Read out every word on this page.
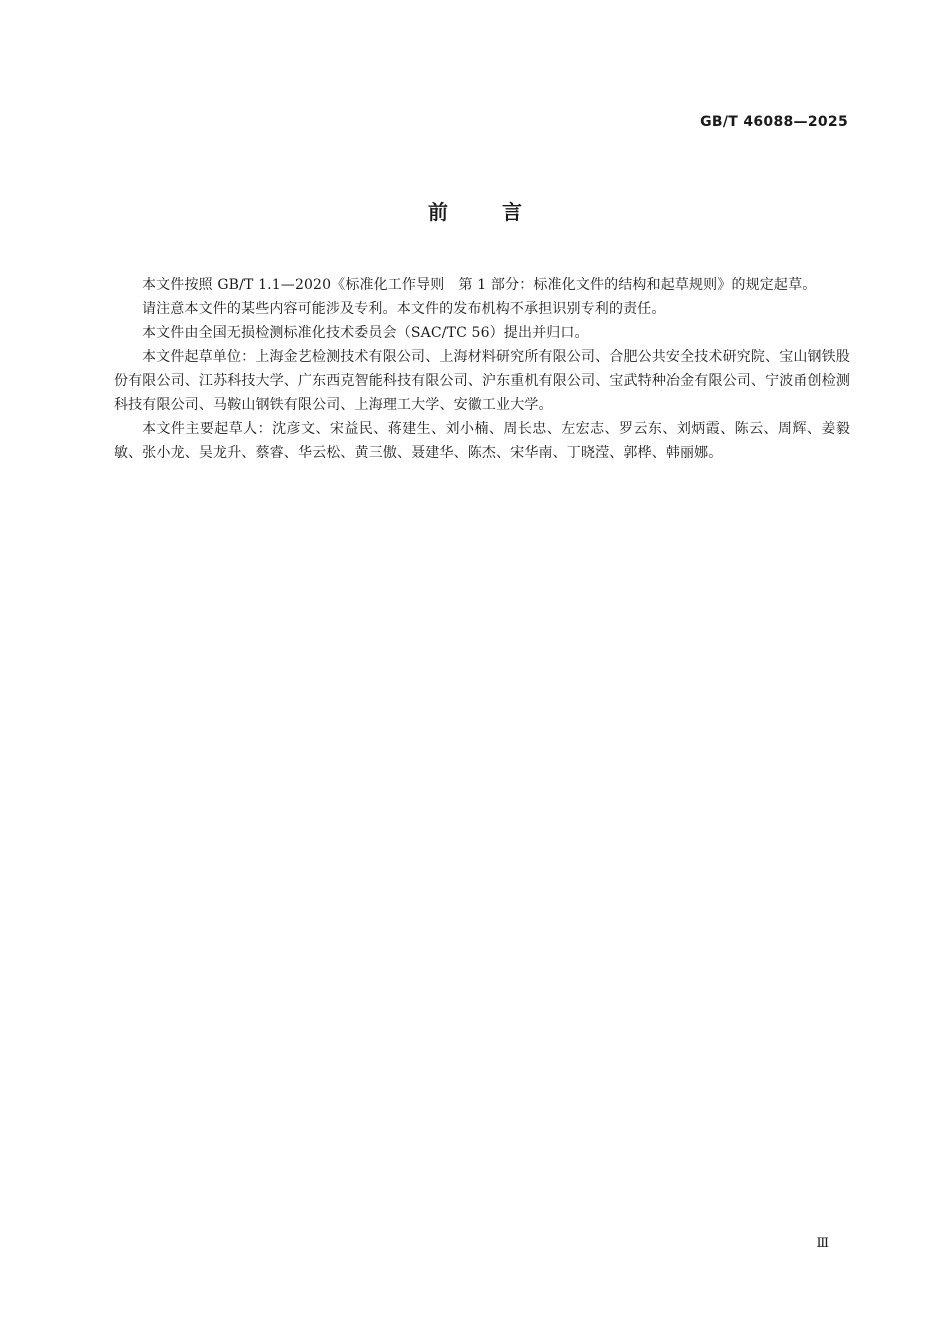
GB/T 46088—2025
前	言

本文件按照 GB/T 1.1—2020《标准化工作导则　第 1 部分：标准化文件的结构和起草规则》的规定起草。

请注意本文件的某些内容可能涉及专利。本文件的发布机构不承担识别专利的责任。

本文件由全国无损检测标准化技术委员会（SAC/TC 56）提出并归口。

本文件起草单位：上海金艺检测技术有限公司、上海材料研究所有限公司、合肥公共安全技术研究院、宝山钢铁股份有限公司、江苏科技大学、广东西克智能科技有限公司、沪东重机有限公司、宝武特种冶金有限公司、宁波甬创检测科技有限公司、马鞍山钢铁有限公司、上海理工大学、安徽工业大学。

本文件主要起草人：沈彦文、宋益民、蒋建生、刘小楠、周长忠、左宏志、罗云东、刘炳霞、陈云、周辉、姜毅敏、张小龙、吴龙升、蔡睿、华云松、黄三傲、聂建华、陈杰、宋华南、丁晓滢、郭桦、韩丽娜。

Ⅲ
